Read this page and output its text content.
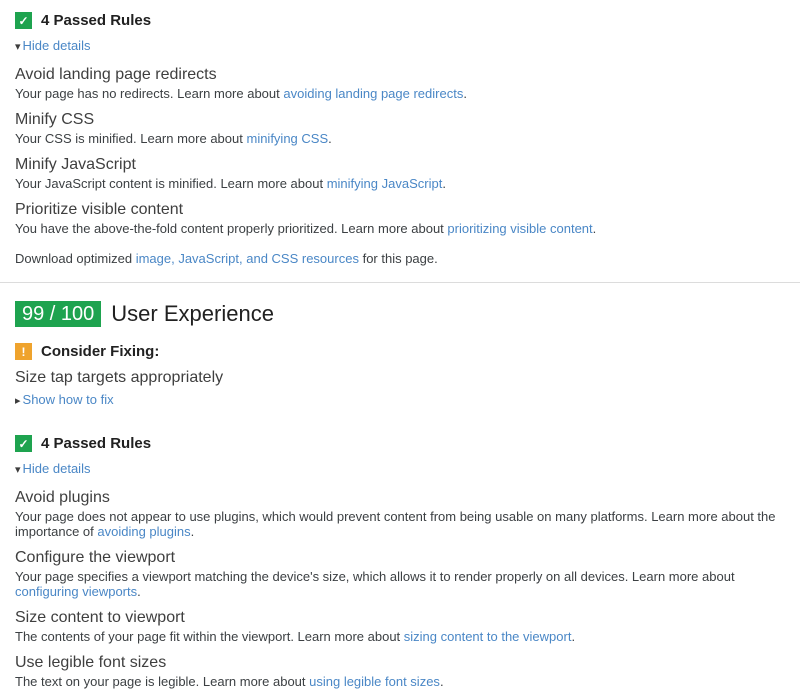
✓ 4 Passed Rules
▾ Hide details
Avoid landing page redirects
Your page has no redirects. Learn more about avoiding landing page redirects.
Minify CSS
Your CSS is minified. Learn more about minifying CSS.
Minify JavaScript
Your JavaScript content is minified. Learn more about minifying JavaScript.
Prioritize visible content
You have the above-the-fold content properly prioritized. Learn more about prioritizing visible content.
Download optimized image, JavaScript, and CSS resources for this page.
99 / 100 User Experience
!	Consider Fixing:
Size tap targets appropriately
▸ Show how to fix
✓ 4 Passed Rules
▾ Hide details
Avoid plugins
Your page does not appear to use plugins, which would prevent content from being usable on many platforms. Learn more about the importance of avoiding plugins.
Configure the viewport
Your page specifies a viewport matching the device's size, which allows it to render properly on all devices. Learn more about configuring viewports.
Size content to viewport
The contents of your page fit within the viewport. Learn more about sizing content to the viewport.
Use legible font sizes
The text on your page is legible. Learn more about using legible font sizes.
